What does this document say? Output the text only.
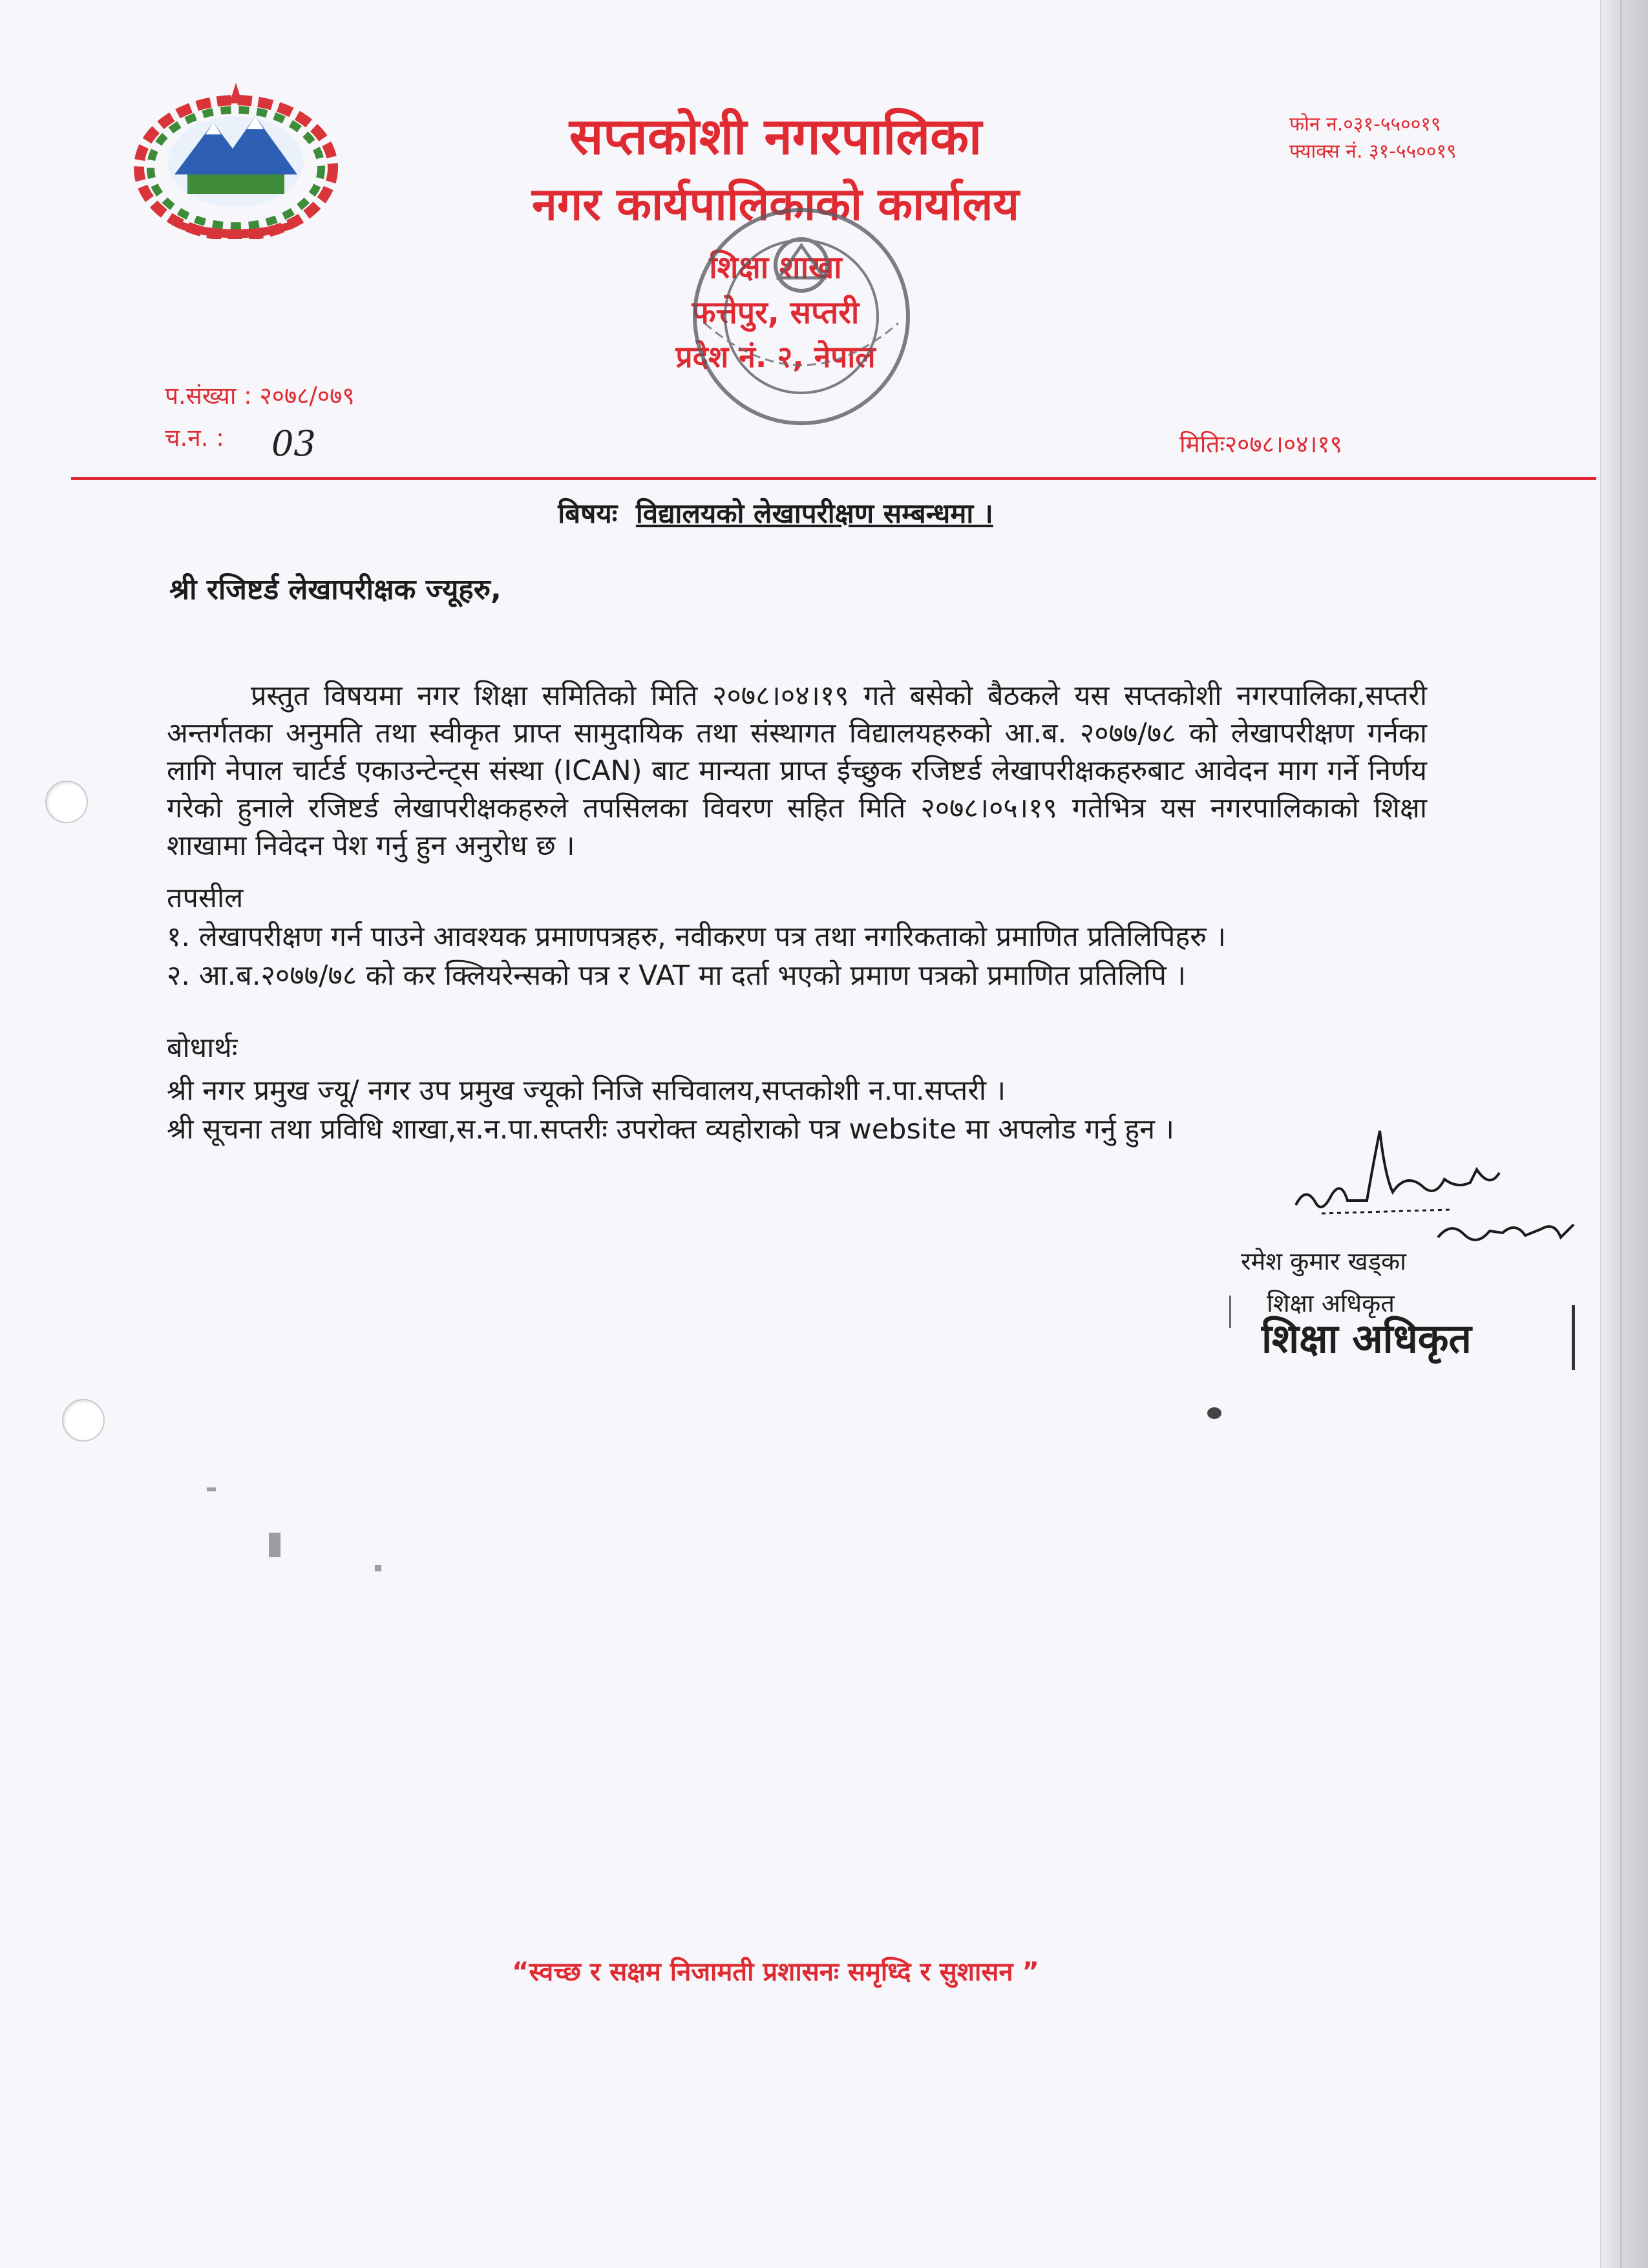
सप्तकोशी नगरपालिका
नगर कार्यपालिकाको कार्यालय
शिक्षा शाखा
फत्तेपुर, सप्तरी
प्रदेश नं. २, नेपाल
फोन न.०३१-५५००१९
फ्याक्स नं. ३१-५५००१९
प.संख्या : २०७८/०७९
च.न. : 03	मितिः२०७८।०४।१९
बिषयः विद्यालयको लेखापरीक्षण सम्बन्धमा ।
श्री रजिष्टर्ड लेखापरीक्षक ज्यूहरु,
प्रस्तुत विषयमा नगर शिक्षा समितिको मिति २०७८।०४।१९ गते बसेको बैठकले यस सप्तकोशी नगरपालिका,सप्तरी अन्तर्गतका अनुमति तथा स्वीकृत प्राप्त सामुदायिक तथा संस्थागत विद्यालयहरुको आ.ब. २०७७/७८ को लेखापरीक्षण गर्नका लागि नेपाल चार्टर्ड एकाउन्टेन्ट्स संस्था (ICAN) बाट मान्यता प्राप्त ईच्छुक रजिष्टर्ड लेखापरीक्षकहरुबाट आवेदन माग गर्ने निर्णय गरेको हुनाले रजिष्टर्ड लेखापरीक्षकहरुले तपसिलका विवरण सहित मिति २०७८।०५।१९ गतेभित्र यस नगरपालिकाको शिक्षा शाखामा निवेदन पेश गर्नु हुन अनुरोध छ ।
तपसील
१. लेखापरीक्षण गर्न पाउने आवश्यक प्रमाणपत्रहरु, नवीकरण पत्र तथा नगरिकताको प्रमाणित प्रतिलिपिहरु ।
२. आ.ब.२०७७/७८ को कर क्लियरेन्सको पत्र र VAT मा दर्ता भएको प्रमाण पत्रको प्रमाणित प्रतिलिपि ।
बोधार्थः
श्री नगर प्रमुख ज्यू/ नगर उप प्रमुख ज्यूको निजि सचिवालय,सप्तकोशी न.पा.सप्तरी ।
श्री सूचना तथा प्रविधि शाखा,स.न.पा.सप्तरीः उपरोक्त व्यहोराको पत्र website मा अपलोड गर्नु हुन ।
रमेश कुमार खड्का
शिक्षा अधिकृत
शिक्षा अधिकृत
“स्वच्छ र सक्षम निजामती प्रशासनः समृध्दि र सुशासन ”
